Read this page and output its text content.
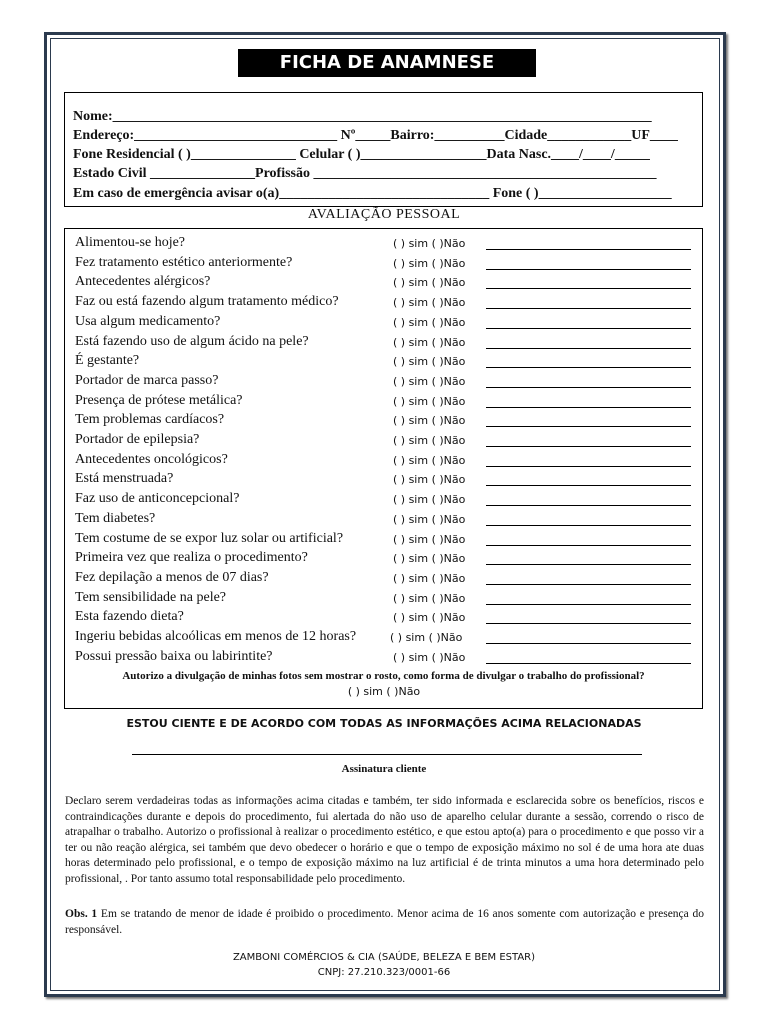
FICHA DE ANAMNESE
Nome:_____________________________________________________________________________
Endereço:_____________________________ Nº_____Bairro:__________Cidade____________UF____
Fone Residencial ( )_______________ Celular ( )__________________Data Nasc.____/____/_____
Estado Civil _______________Profissão _________________________________________________
Em caso de emergência avisar o(a)______________________________ Fone ( )___________________
AVALIAÇÃO PESSOAL
Alimentou-se hoje?	( ) sim ( )Não
Fez tratamento estético anteriormente?	( ) sim ( )Não
Antecedentes alérgicos?	( ) sim ( )Não
Faz ou está fazendo algum tratamento médico?	( ) sim ( )Não
Usa algum medicamento?	( ) sim ( )Não
Está fazendo uso de algum ácido na pele?	( ) sim ( )Não
É gestante?	( ) sim ( )Não
Portador de marca passo?	( ) sim ( )Não
Presença de prótese metálica?	( ) sim ( )Não
Tem problemas cardíacos?	( ) sim ( )Não
Portador de epilepsia?	( ) sim ( )Não
Antecedentes oncológicos?	( ) sim ( )Não
Está menstruada?	( ) sim ( )Não
Faz uso de anticoncepcional?	( ) sim ( )Não
Tem diabetes?	( ) sim ( )Não
Tem costume de se expor luz solar ou artificial?	( ) sim ( )Não
Primeira vez que realiza o procedimento?	( ) sim ( )Não
Fez depilação a menos de 07 dias?	( ) sim ( )Não
Tem sensibilidade na pele?	( ) sim ( )Não
Esta fazendo dieta?	( ) sim ( )Não
Ingeriu bebidas alcoólicas em menos de 12 horas?	( ) sim ( )Não
Possui pressão baixa ou labirintite?	( ) sim ( )Não
Autorizo a divulgação de minhas fotos sem mostrar o rosto, como forma de divulgar o trabalho do profissional?
( ) sim ( )Não
ESTOU CIENTE E DE ACORDO COM TODAS AS INFORMAÇÕES ACIMA RELACIONADAS
Assinatura cliente
Declaro serem verdadeiras todas as informações acima citadas e também, ter sido informada e esclarecida sobre os benefícios, riscos e contraindicações durante e depois do procedimento, fui alertada do não uso de aparelho celular durante a sessão, correndo o risco de atrapalhar o trabalho. Autorizo o profissional à realizar o procedimento estético, e que estou apto(a) para o procedimento e que posso vir a ter ou não reação alérgica, sei também que devo obedecer o horário e que o tempo de exposição máximo no sol é de uma hora ate duas horas determinado pelo profissional, e o tempo de exposição máximo na luz artificial é de trinta minutos a uma hora determinado pelo profissional, . Por tanto assumo total responsabilidade pelo procedimento.
Obs. 1 Em se tratando de menor de idade é proibido o procedimento. Menor acima de 16 anos somente com autorização e presença do responsável.
ZAMBONI COMÉRCIOS & CIA (SAÚDE, BELEZA E BEM ESTAR)
CNPJ: 27.210.323/0001-66
